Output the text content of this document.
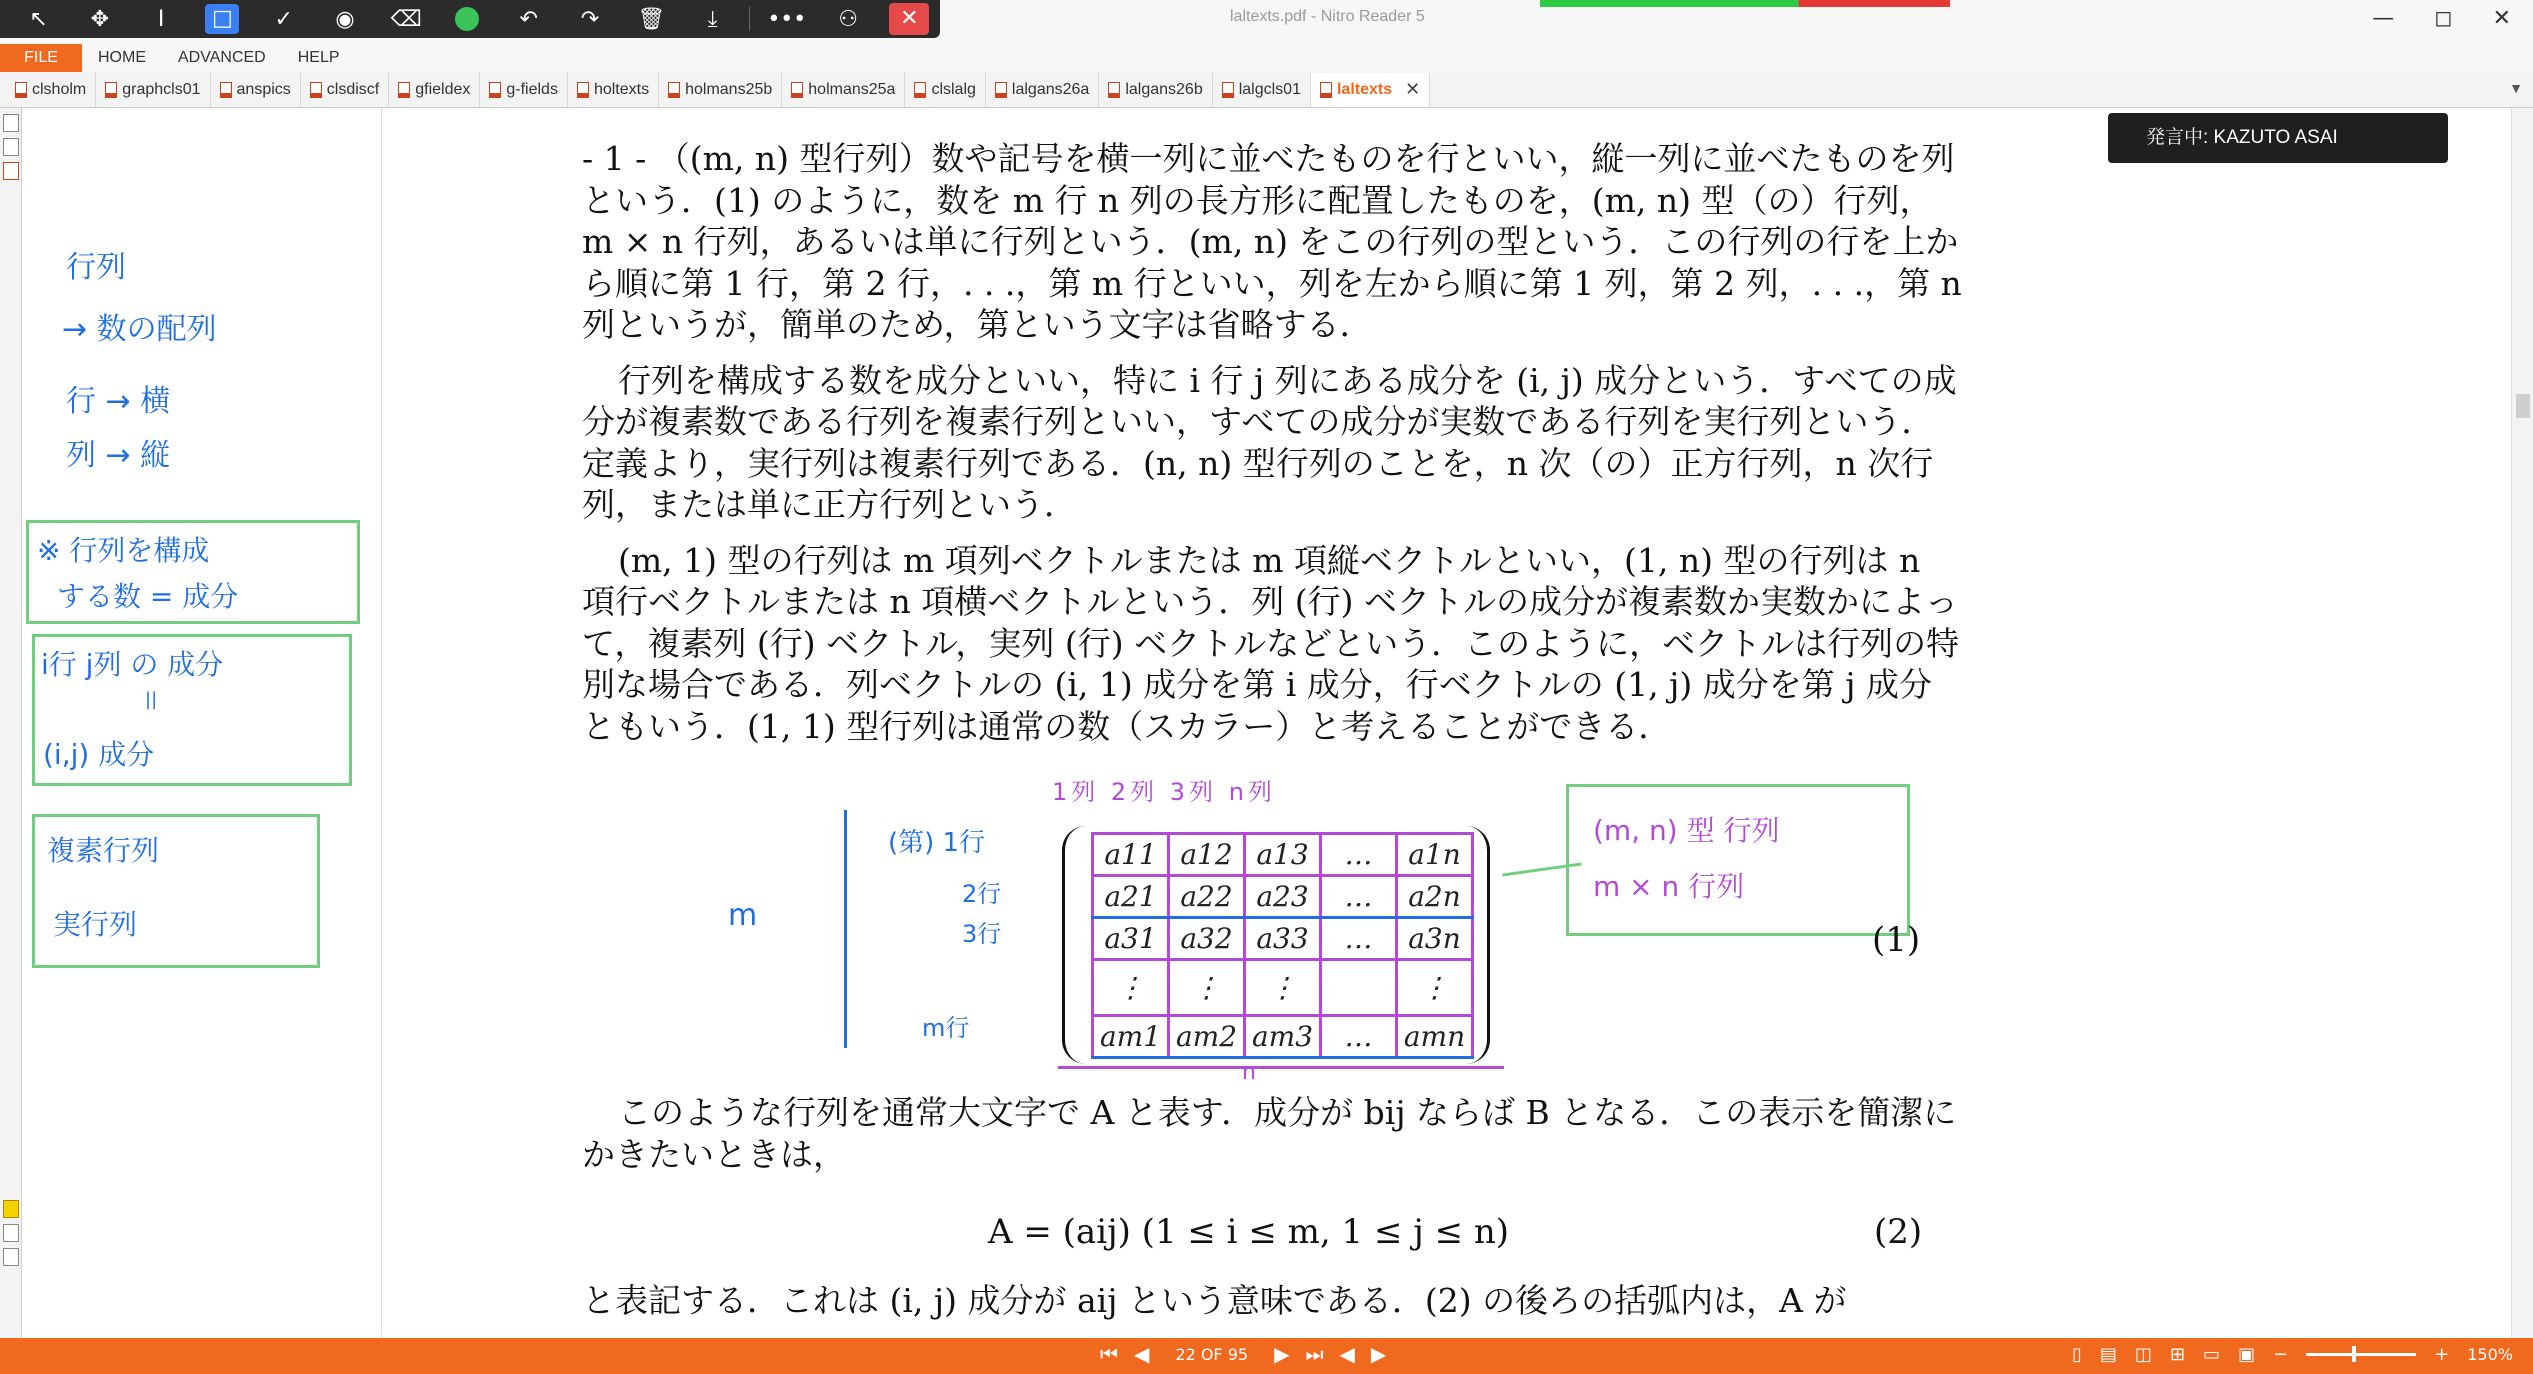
↖ ✥ I □	✓ ◉ ⌫	↶ ↷ 🗑 ⤓ ••• ⚇	✕	laltexts.pdf - Nitro Reader 5	— ◻ ✕
FILE	HOME	ADVANCED	HELP
clsholm graphcls01 anspics clsdiscf gfieldex g-fields holtexts holmans25b holmans25a clslalg lalgans26a lalgans26b lalgcls01 laltexts ✕	▼
行列
→ 数の配列
行 → 横
列 → 縦
※ 行列を構成
する数 = 成分
i行 j列 の 成分
||
(i,j) 成分
複素行列
実行列

- 1 - （(m, n) 型行列）数や記号を横一列に並べたものを行といい，縦一列に並べたものを列という．(1) のように，数を m 行 n 列の長方形に配置したものを，(m, n) 型（の）行列，m × n 行列，あるいは単に行列という．(m, n) をこの行列の型という．この行列の行を上から順に第 1 行，第 2 行，. . .，第 m 行といい，列を左から順に第 1 列，第 2 列，. . .，第 n 列というが，簡単のため，第という文字は省略する．

行列を構成する数を成分といい，特に i 行 j 列にある成分を (i, j) 成分という．すべての成分が複素数である行列を複素行列といい，すべての成分が実数である行列を実行列という．定義より，実行列は複素行列である．(n, n) 型行列のことを，n 次（の）正方行列，n 次行列，または単に正方行列という．

(m, 1) 型の行列は m 項列ベクトルまたは m 項縦ベクトルといい，(1, n) 型の行列は n 項行ベクトルまたは n 項横ベクトルという．列 (行) ベクトルの成分が複素数か実数かによって，複素列 (行) ベクトル，実列 (行) ベクトルなどという．このように，ベクトルは行列の特別な場合である．列ベクトルの (i, 1) 成分を第 i 成分，行ベクトルの (1, j) 成分を第 j 成分ともいう．(1, 1) 型行列は通常の数（スカラー）と考えることができる．

1列 2列 3列 n列
(第) 1行
2行
3行
m行
m
n
a11	a12	a13	…	a1n
a21	a22	a23	…	a2n
a31	a32	a33	…	a3n
⋮	⋮	⋮		⋮
am1	am2	am3	…	amn
(m, n) 型 行列
m × n 行列
(1)

このような行列を通常大文字で A と表す．成分が bij ならば B となる．この表示を簡潔にかきたいときは，

A = (aij) (1 ≤ i ≤ m, 1 ≤ j ≤ n)	(2)

と表記する．これは (i, j) 成分が aij という意味である．(2) の後ろの括弧内は，A が

発言中: KAZUTO ASAI
⏮ ◀ 22 OF 95 ▶ ⏭ ◀ ▶	▯ ▤ ◫ ⊞ ▭ ▣ −	+ 150%
